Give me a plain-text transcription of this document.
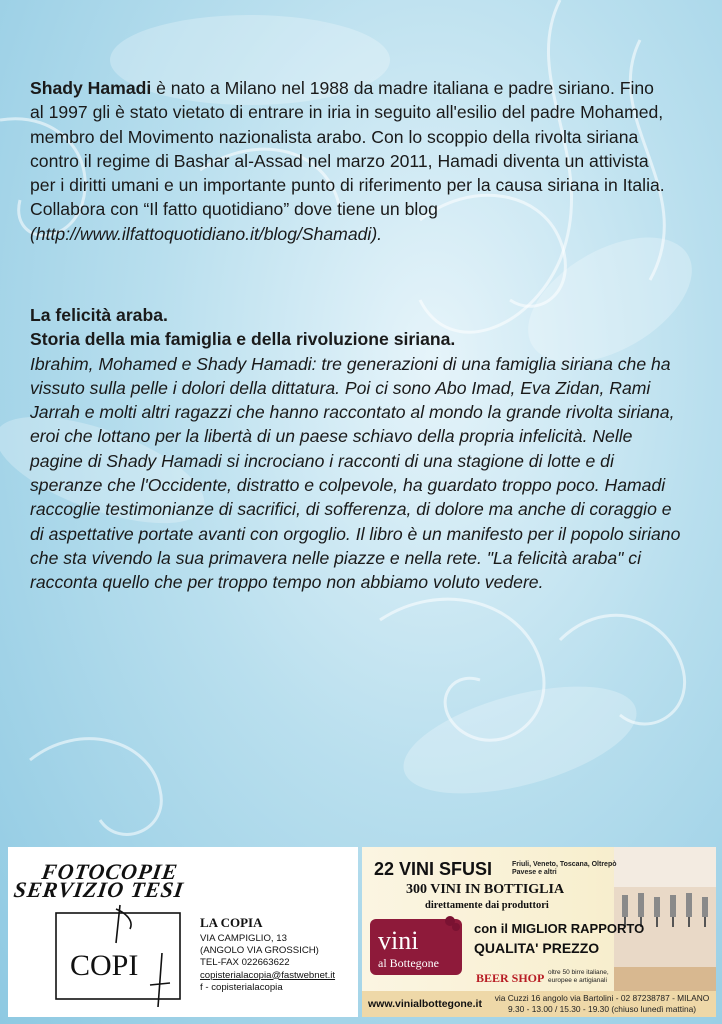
Shady Hamadi è nato a Milano nel 1988 da madre italiana e padre siriano. Fino al 1997 gli è stato vietato di entrare in iria in seguito all'esilio del padre Mohamed, membro del Movimento nazionalista arabo. Con lo scoppio della rivolta siriana contro il regime di Bashar al-Assad nel marzo 2011, Hamadi diventa un attivista per i diritti umani e un importante punto di riferimento per la causa siriana in Italia. Collabora con “Il fatto quotidiano” dove tiene un blog (http://www.ilfattoquotidiano.it/blog/Shamadi).

La felicità araba.

Storia della mia famiglia e della rivoluzione siriana.

Ibrahim, Mohamed e Shady Hamadi: tre generazioni di una famiglia siriana che ha vissuto sulla pelle i dolori della dittatura. Poi ci sono Abo Imad, Eva Zidan, Rami Jarrah e molti altri ragazzi che hanno raccontato al mondo la grande rivolta siriana, eroi che lottano per la libertà di un paese schiavo della propria infelicità. Nelle pagine di Shady Hamadi si incrociano i racconti di una stagione di lotte e di speranze che l'Occidente, distratto e colpevole, ha guardato troppo poco. Hamadi raccoglie testimonianze di sacrifici, di sofferenza, di dolore ma anche di coraggio e di aspettative portate avanti con orgoglio. Il libro è un manifesto per il popolo siriano che sta vivendo la sua primavera nelle piazze e nella rete. "La felicità araba" ci racconta quello che per troppo tempo non abbiamo voluto vedere.

FOTOCOPIE
SERVIZIO TESI
COPI
LA COPIA
VIA CAMPIGLIO, 13
(ANGOLO VIA GROSSICH)
TEL-FAX 022663622
copisterialacopia@fastwebnet.it
f - copisterialacopia
22 VINI SFUSI	Friuli, Veneto, Toscana, Oltrepò Pavese e altri
300 VINI IN BOTTIGLIA
direttamente dai produttori
vini
al Bottegone
con il MIGLIOR RAPPORTO
QUALITA' PREZZO
BEER SHOP oltre 50 birre italiane, europee e artigianali
www.vinialbottegone.it	via Cuzzi 16 angolo via Bartolini - 02 87238787 - MILANO
9.30 - 13.00 / 15.30 - 19.30 (chiuso lunedì mattina)
